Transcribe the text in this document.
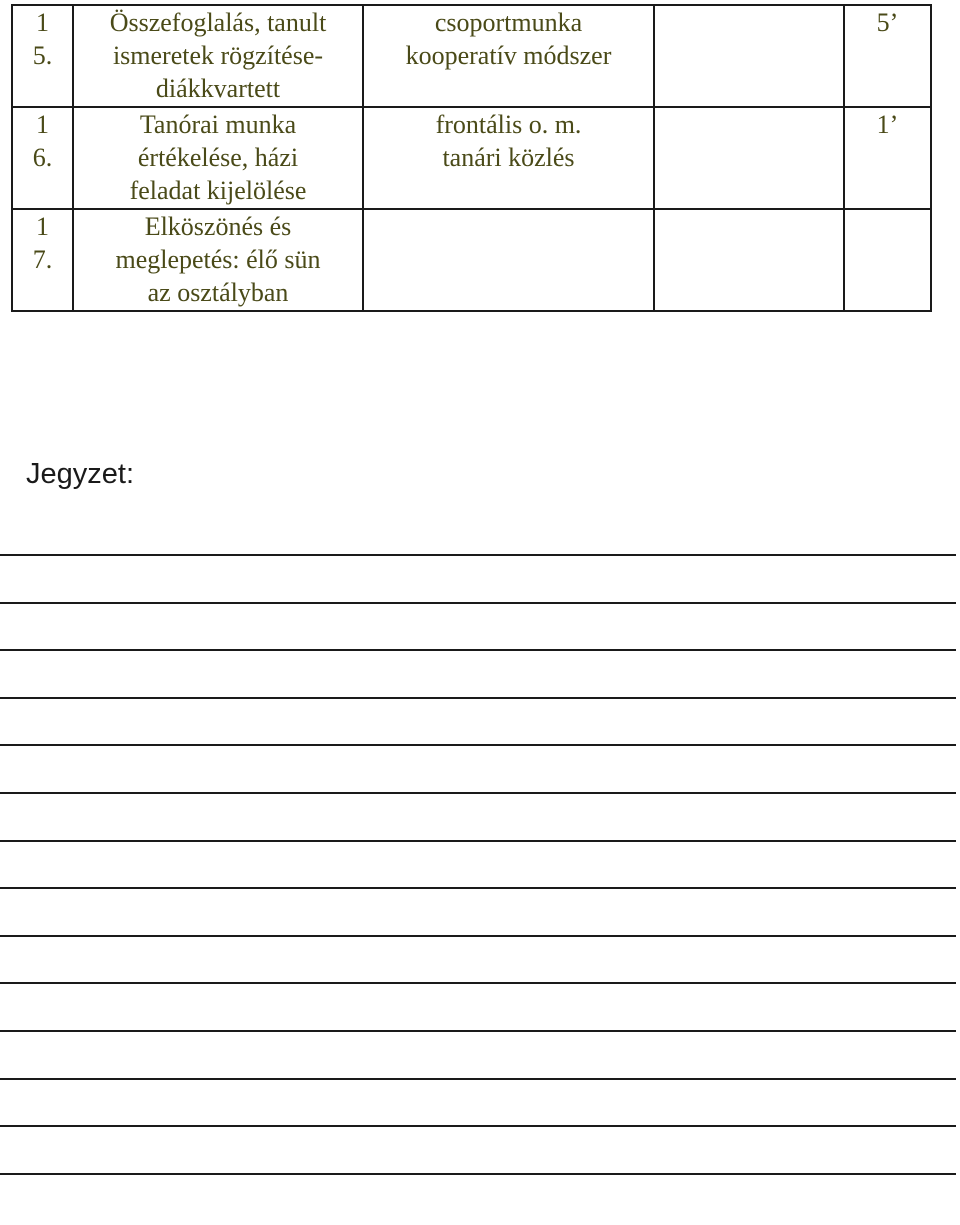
1
5.	Összefoglalás, tanult
ismeretek rögzítése-
diákkvartett	csoportmunka
kooperatív módszer		5’

1
6.	Tanórai munka
értékelése, házi
feladat kijelölése	frontális o. m.
tanári közlés		1’

1
7.	Elköszönés és
meglepetés: élő sün
az osztályban			

Jegyzet:
